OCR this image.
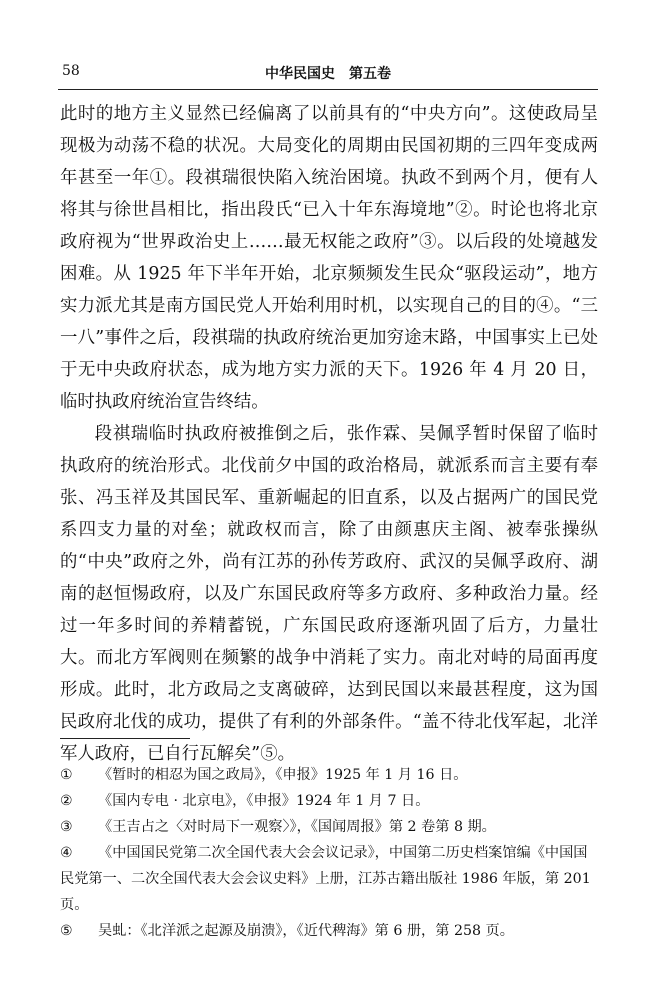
58	中华民国史　第五卷

此时的地方主义显然已经偏离了以前具有的“中央方向”。这使政局呈现极为动荡不稳的状况。大局变化的周期由民国初期的三四年变成两年甚至一年①。段祺瑞很快陷入统治困境。执政不到两个月，便有人将其与徐世昌相比，指出段氏“已入十年东海境地”②。时论也将北京政府视为“世界政治史上……最无权能之政府”③。以后段的处境越发困难。从 1925 年下半年开始，北京频频发生民众“驱段运动”，地方实力派尤其是南方国民党人开始利用时机，以实现自己的目的④。“三一八”事件之后，段祺瑞的执政府统治更加穷途末路，中国事实上已处于无中央政府状态，成为地方实力派的天下。1926 年 4 月 20 日，临时执政府统治宣告终结。

段祺瑞临时执政府被推倒之后，张作霖、吴佩孚暂时保留了临时执政府的统治形式。北伐前夕中国的政治格局，就派系而言主要有奉张、冯玉祥及其国民军、重新崛起的旧直系，以及占据两广的国民党系四支力量的对垒；就政权而言，除了由颜惠庆主阁、被奉张操纵的“中央”政府之外，尚有江苏的孙传芳政府、武汉的吴佩孚政府、湖南的赵恒惕政府，以及广东国民政府等多方政府、多种政治力量。经过一年多时间的养精蓄锐，广东国民政府逐渐巩固了后方，力量壮大。而北方军阀则在频繁的战争中消耗了实力。南北对峙的局面再度形成。此时，北方政局之支离破碎，达到民国以来最甚程度，这为国民政府北伐的成功，提供了有利的外部条件。“盖不待北伐军起，北洋军人政府，已自行瓦解矣”⑤。

① 《暂时的相忍为国之政局》，《申报》1925 年 1 月 16 日。

② 《国内专电 · 北京电》，《申报》1924 年 1 月 7 日。

③ 《王吉占之〈对时局下一观察〉》，《国闻周报》第 2 卷第 8 期。

④ 《中国国民党第二次全国代表大会会议记录》，中国第二历史档案馆编《中国国民党第一、二次全国代表大会会议史料》上册，江苏古籍出版社 1986 年版，第 201 页。

⑤ 吴虬：《北洋派之起源及崩溃》，《近代稗海》第 6 册，第 258 页。
